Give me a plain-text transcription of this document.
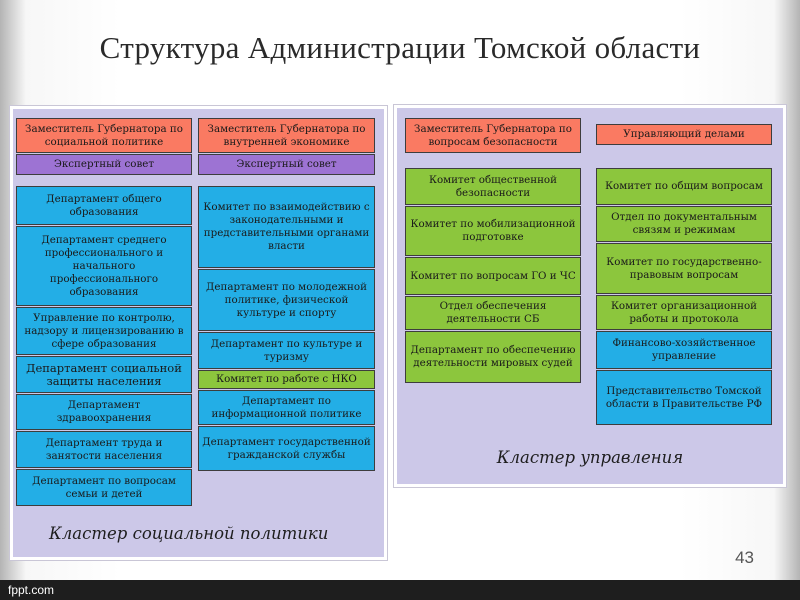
Структура Администрации Томской области
Кластер социальной политики
Заместитель Губернатора по социальной политике
Экспертный совет
Заместитель Губернатора по внутренней экономике
Экспертный совет
Департамент общего образования
Департамент среднего профессионального и начального профессионального образования
Управление по контролю, надзору и лицензированию в сфере образования
Департамент социальной защиты населения
Департамент здравоохранения
Департамент труда и занятости населения
Департамент по вопросам семьи и детей
Комитет по взаимодействию с законодательными и представительными органами власти
Департамент по молодежной политике, физической культуре и спорту
Департамент по культуре и туризму
Комитет по работе с НКО
Департамент по информационной политике
Департамент государственной гражданской службы	Кластер управления
Заместитель Губернатора по вопросам безопасности
Управляющий делами
Комитет общественной безопасности
Комитет по мобилизационной подготовке
Комитет по вопросам ГО и ЧС
Отдел обеспечения деятельности СБ
Департамент по обеспечению деятельности мировых судей
Комитет по общим вопросам
Отдел по документальным связям и режимам
Комитет по государственно-правовым вопросам
Комитет организационной работы и протокола
Финансово-хозяйственное управление
Представительство Томской области в Правительстве РФ
43
fppt.com
